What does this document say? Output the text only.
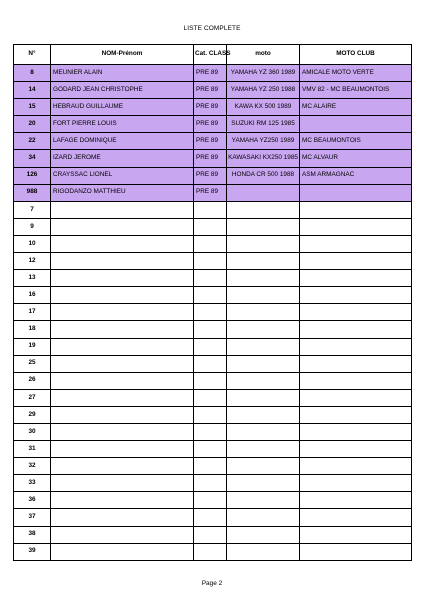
LISTE COMPLETE
N°	NOM-Prénom	Cat. CLASS	moto	MOTO CLUB
8	MEUNIER ALAIN	PRE 89	YAMAHA YZ 360 1989	AMICALE MOTO VERTE
14	GODARD JEAN CHRISTOPHE	PRE 89	YAMAHA YZ 250 1988	VMV 82 - MC BEAUMONTOIS
15	HEBRAUD GUILLAUME	PRE 89	KAWA KX 500 1989	MC ALAIRE
20	FORT PIERRE LOUIS	PRE 89	SUZUKI RM 125 1985	
22	LAFAGE DOMINIQUE	PRE 89	YAMAHA YZ250 1989	MC BEAUMONTOIS
34	IZARD JEROME	PRE 89	KAWASAKI KX250 1985	MC ALVAUR
126	CRAYSSAC LIONEL	PRE 89	HONDA CR 500 1988	ASM ARMAGNAC
988	RIGODANZO MATTHIEU	PRE 89		
7				
9				
10				
12				
13				
16				
17				
18				
19				
25				
26				
27				
29				
30				
31				
32				
33				
36				
37				
38				
39				
Page 2
